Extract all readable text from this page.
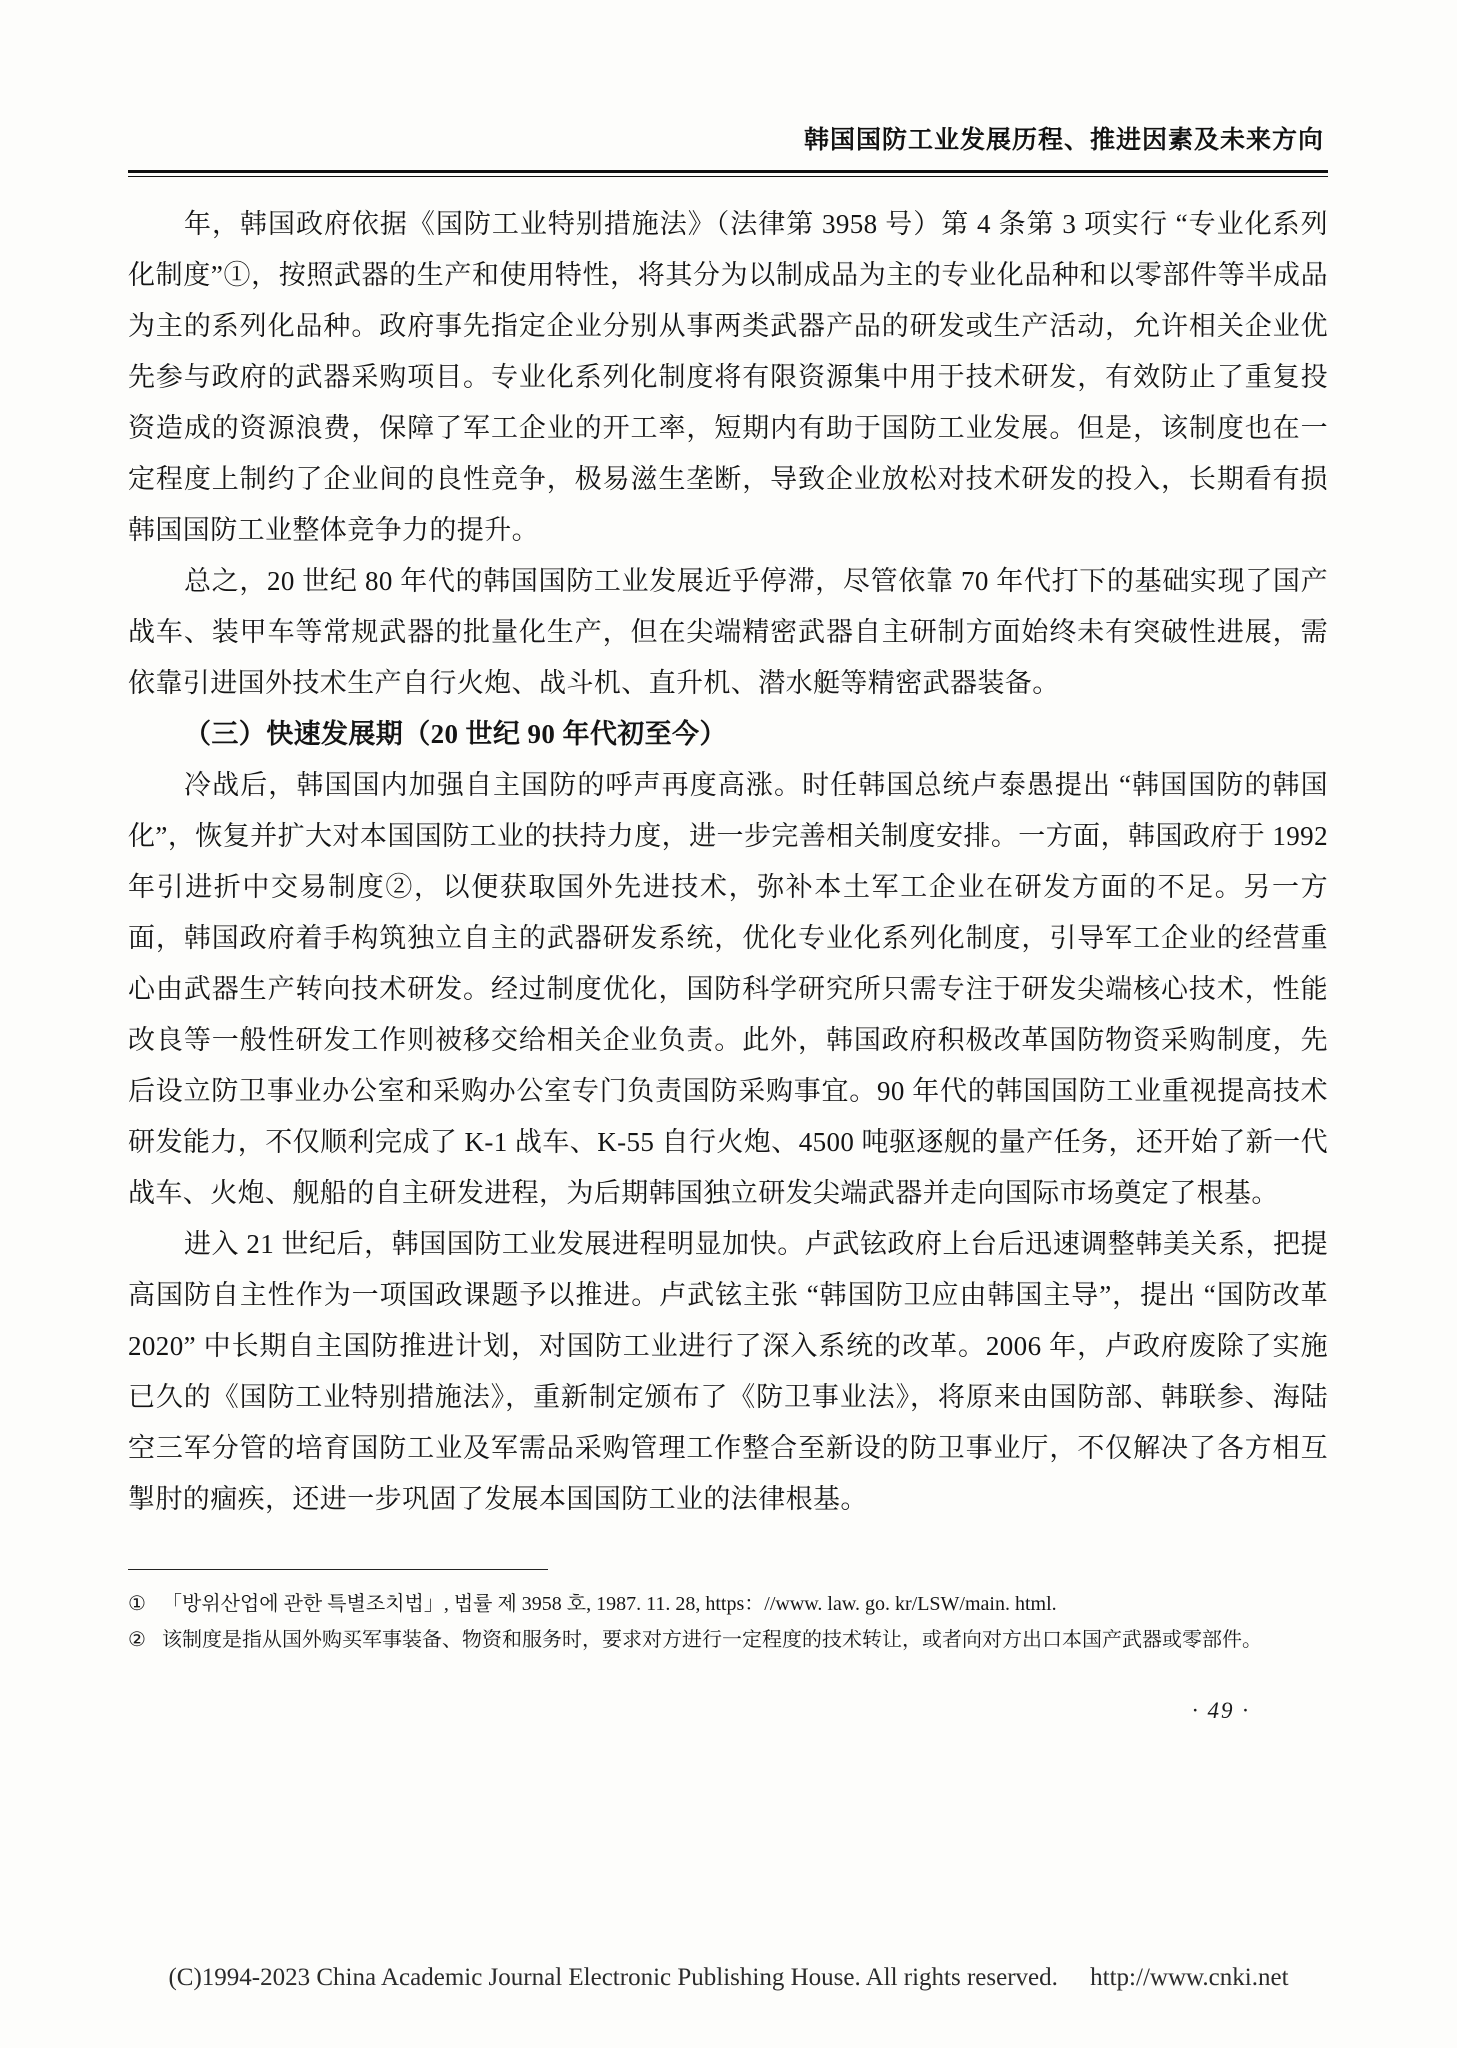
韩国国防工业发展历程、推进因素及未来方向

年，韩国政府依据《国防工业特别措施法》（法律第 3958 号）第 4 条第 3 项实行 “专业化系列化制度”①，按照武器的生产和使用特性，将其分为以制成品为主的专业化品种和以零部件等半成品为主的系列化品种。政府事先指定企业分别从事两类武器产品的研发或生产活动，允许相关企业优先参与政府的武器采购项目。专业化系列化制度将有限资源集中用于技术研发，有效防止了重复投资造成的资源浪费，保障了军工企业的开工率，短期内有助于国防工业发展。但是，该制度也在一定程度上制约了企业间的良性竞争，极易滋生垄断，导致企业放松对技术研发的投入，长期看有损韩国国防工业整体竞争力的提升。

总之，20 世纪 80 年代的韩国国防工业发展近乎停滞，尽管依靠 70 年代打下的基础实现了国产战车、装甲车等常规武器的批量化生产，但在尖端精密武器自主研制方面始终未有突破性进展，需依靠引进国外技术生产自行火炮、战斗机、直升机、潜水艇等精密武器装备。

（三）快速发展期（20 世纪 90 年代初至今）

冷战后，韩国国内加强自主国防的呼声再度高涨。时任韩国总统卢泰愚提出 “韩国国防的韩国化”，恢复并扩大对本国国防工业的扶持力度，进一步完善相关制度安排。一方面，韩国政府于 1992 年引进折中交易制度②，以便获取国外先进技术，弥补本土军工企业在研发方面的不足。另一方面，韩国政府着手构筑独立自主的武器研发系统，优化专业化系列化制度，引导军工企业的经营重心由武器生产转向技术研发。经过制度优化，国防科学研究所只需专注于研发尖端核心技术，性能改良等一般性研发工作则被移交给相关企业负责。此外，韩国政府积极改革国防物资采购制度，先后设立防卫事业办公室和采购办公室专门负责国防采购事宜。90 年代的韩国国防工业重视提高技术研发能力，不仅顺利完成了 K-1 战车、K-55 自行火炮、4500 吨驱逐舰的量产任务，还开始了新一代战车、火炮、舰船的自主研发进程，为后期韩国独立研发尖端武器并走向国际市场奠定了根基。

进入 21 世纪后，韩国国防工业发展进程明显加快。卢武铉政府上台后迅速调整韩美关系，把提高国防自主性作为一项国政课题予以推进。卢武铉主张 “韩国防卫应由韩国主导”，提出 “国防改革 2020” 中长期自主国防推进计划，对国防工业进行了深入系统的改革。2006 年，卢政府废除了实施已久的《国防工业特别措施法》，重新制定颁布了《防卫事业法》，将原来由国防部、韩联参、海陆空三军分管的培育国防工业及军需品采购管理工作整合至新设的防卫事业厅，不仅解决了各方相互掣肘的痼疾，还进一步巩固了发展本国国防工业的法律根基。

① 「방위산업에 관한 특별조치법」, 법률 제 3958 호, 1987. 11. 28, https：//www. law. go. kr/LSW/main. html.
② 该制度是指从国外购买军事装备、物资和服务时，要求对方进行一定程度的技术转让，或者向对方出口本国产武器或零部件。
· 49 ·
(C)1994-2023 China Academic Journal Electronic Publishing House. All rights reserved. http://www.cnki.net
